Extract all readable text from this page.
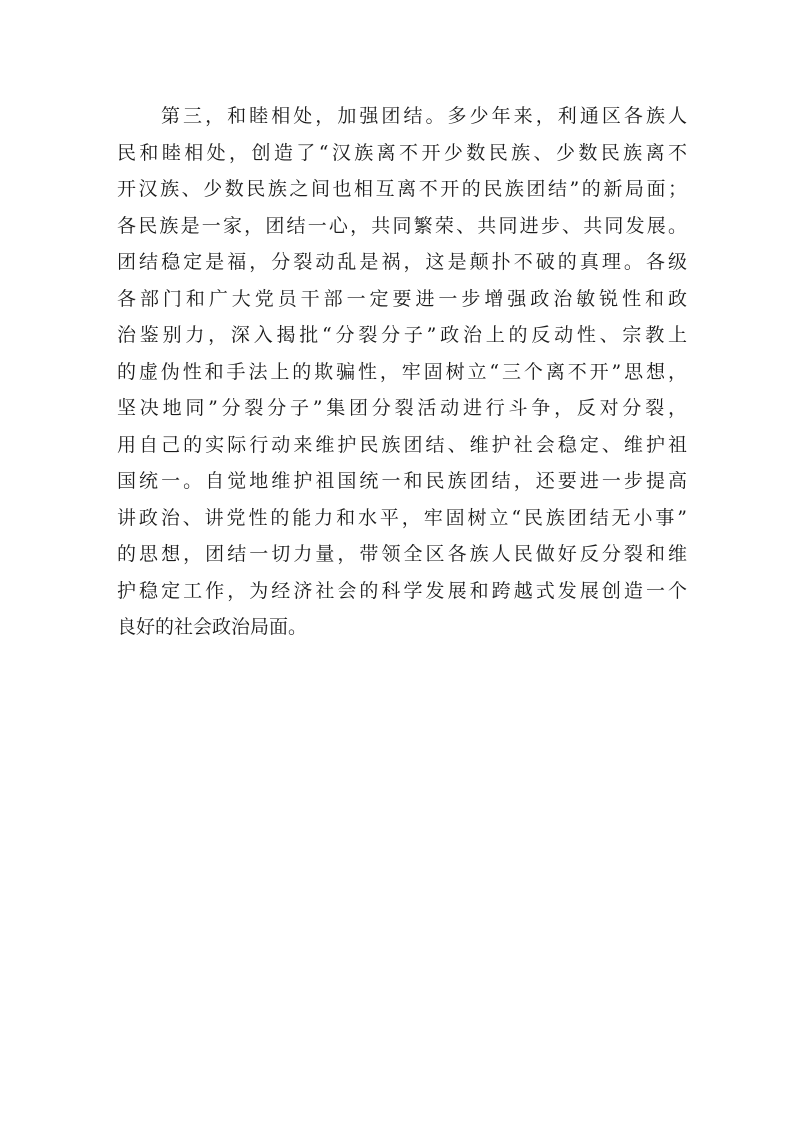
第三，和睦相处，加强团结。多少年来，利通区各族人
民和睦相处，创造了“汉族离不开少数民族、少数民族离不
开汉族、少数民族之间也相互离不开的民族团结”的新局面；
各民族是一家，团结一心，共同繁荣、共同进步、共同发展。
团结稳定是福，分裂动乱是祸，这是颠扑不破的真理。各级
各部门和广大党员干部一定要进一步增强政治敏锐性和政
治鉴别力，深入揭批“分裂分子”政治上的反动性、宗教上
的虚伪性和手法上的欺骗性，牢固树立“三个离不开”思想，
坚决地同”分裂分子”集团分裂活动进行斗争，反对分裂，
用自己的实际行动来维护民族团结、维护社会稳定、维护祖
国统一。自觉地维护祖国统一和民族团结，还要进一步提高
讲政治、讲党性的能力和水平，牢固树立“民族团结无小事”
的思想，团结一切力量，带领全区各族人民做好反分裂和维
护稳定工作，为经济社会的科学发展和跨越式发展创造一个
良好的社会政治局面。
